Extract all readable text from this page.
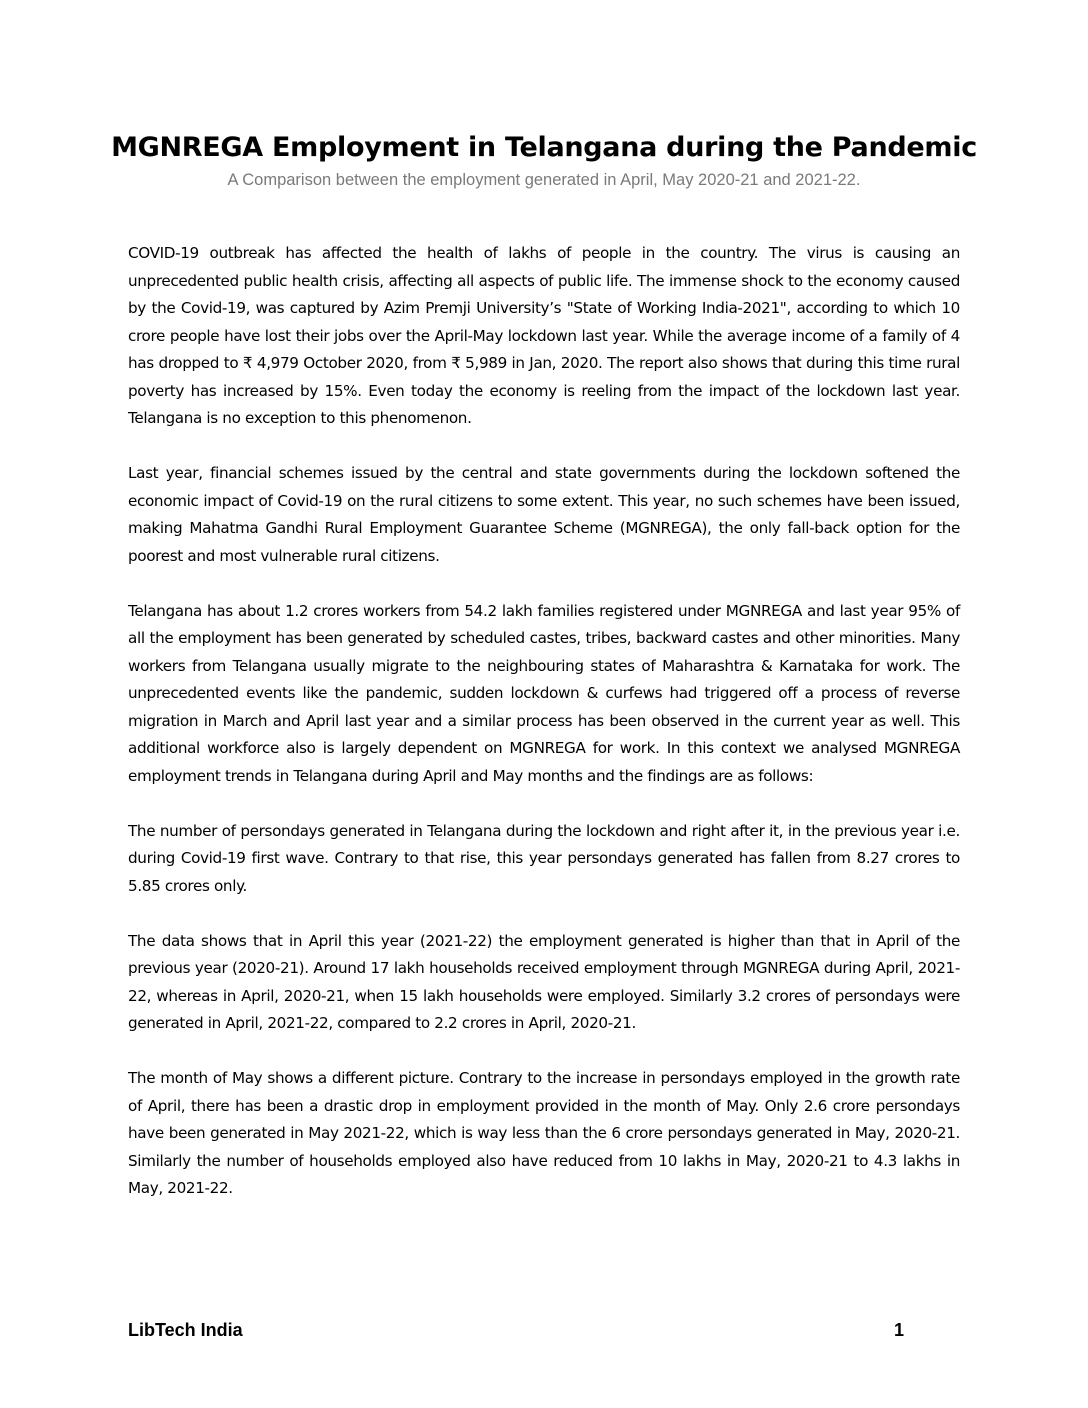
MGNREGA Employment in Telangana during the Pandemic

A Comparison between the employment generated in April, May 2020-21 and 2021-22.

COVID-19 outbreak has affected the health of lakhs of people in the country. The virus is causing an unprecedented public health crisis, affecting all aspects of public life. The immense shock to the economy caused by the Covid-19, was captured by Azim Premji University’s "State of Working India-2021", according to which 10 crore people have lost their jobs over the April-May lockdown last year. While the average income of a family of 4 has dropped to ₹ 4,979 October 2020, from ₹ 5,989 in Jan, 2020. The report also shows that during this time rural poverty has increased by 15%. Even today the economy is reeling from the impact of the lockdown last year. Telangana is no exception to this phenomenon.

Last year, financial schemes issued by the central and state governments during the lockdown softened the economic impact of Covid-19 on the rural citizens to some extent. This year, no such schemes have been issued, making Mahatma Gandhi Rural Employment Guarantee Scheme (MGNREGA), the only fall-back option for the poorest and most vulnerable rural citizens.

Telangana has about 1.2 crores workers from 54.2 lakh families registered under MGNREGA and last year 95% of all the employment has been generated by scheduled castes, tribes, backward castes and other minorities. Many workers from Telangana usually migrate to the neighbouring states of Maharashtra & Karnataka for work. The unprecedented events like the pandemic, sudden lockdown & curfews had triggered off a process of reverse migration in March and April last year and a similar process has been observed in the current year as well. This additional workforce also is largely dependent on MGNREGA for work. In this context we analysed MGNREGA employment trends in Telangana during April and May months and the findings are as follows:

The number of persondays generated in Telangana during the lockdown and right after it, in the previous year i.e. during Covid-19 first wave. Contrary to that rise, this year persondays generated has fallen from 8.27 crores to 5.85 crores only.

The data shows that in April this year (2021-22) the employment generated is higher than that in April of the previous year (2020-21). Around 17 lakh households received employment through MGNREGA during April, 2021-22, whereas in April, 2020-21, when 15 lakh households were employed. Similarly 3.2 crores of persondays were generated in April, 2021-22, compared to 2.2 crores in April, 2020-21.

The month of May shows a different picture. Contrary to the increase in persondays employed in the growth rate of April, there has been a drastic drop in employment provided in the month of May. Only 2.6 crore persondays have been generated in May 2021-22, which is way less than the 6 crore persondays generated in May, 2020-21. Similarly the number of households employed also have reduced from 10 lakhs in May, 2020-21 to 4.3 lakhs in May, 2021-22.

LibTech India	1
